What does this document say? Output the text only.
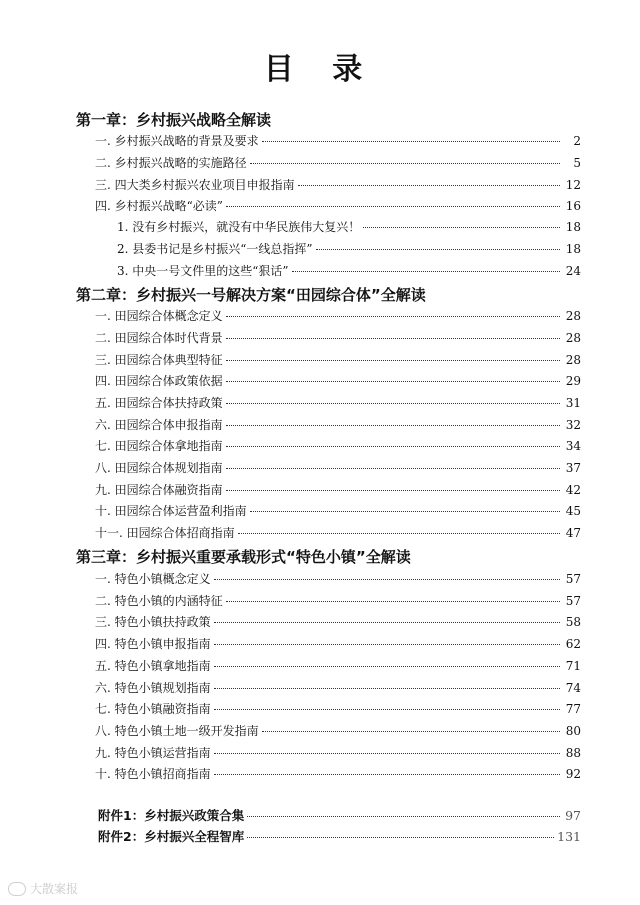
目 录
第一章：乡村振兴战略全解读
一. 乡村振兴战略的背景及要求	2
二. 乡村振兴战略的实施路径	5
三. 四大类乡村振兴农业项目申报指南	12
四. 乡村振兴战略“必读”	16
1. 没有乡村振兴，就没有中华民族伟大复兴！	18
2. 县委书记是乡村振兴“一线总指挥”	18
3. 中央一号文件里的这些“狠话”	24
第二章：乡村振兴一号解决方案“田园综合体”全解读
一. 田园综合体概念定义	28
二. 田园综合体时代背景	28
三. 田园综合体典型特征	28
四. 田园综合体政策依据	29
五. 田园综合体扶持政策	31
六. 田园综合体申报指南	32
七. 田园综合体拿地指南	34
八. 田园综合体规划指南	37
九. 田园综合体融资指南	42
十. 田园综合体运营盈利指南	45
十一. 田园综合体招商指南	47
第三章：乡村振兴重要承载形式“特色小镇”全解读
一. 特色小镇概念定义	57
二. 特色小镇的内涵特征	57
三. 特色小镇扶持政策	58
四. 特色小镇申报指南	62
五. 特色小镇拿地指南	71
六. 特色小镇规划指南	74
七. 特色小镇融资指南	77
八. 特色小镇土地一级开发指南	80
九. 特色小镇运营指南	88
十. 特色小镇招商指南	92
附件1：乡村振兴政策合集	97
附件2：乡村振兴全程智库	131
大散案报
